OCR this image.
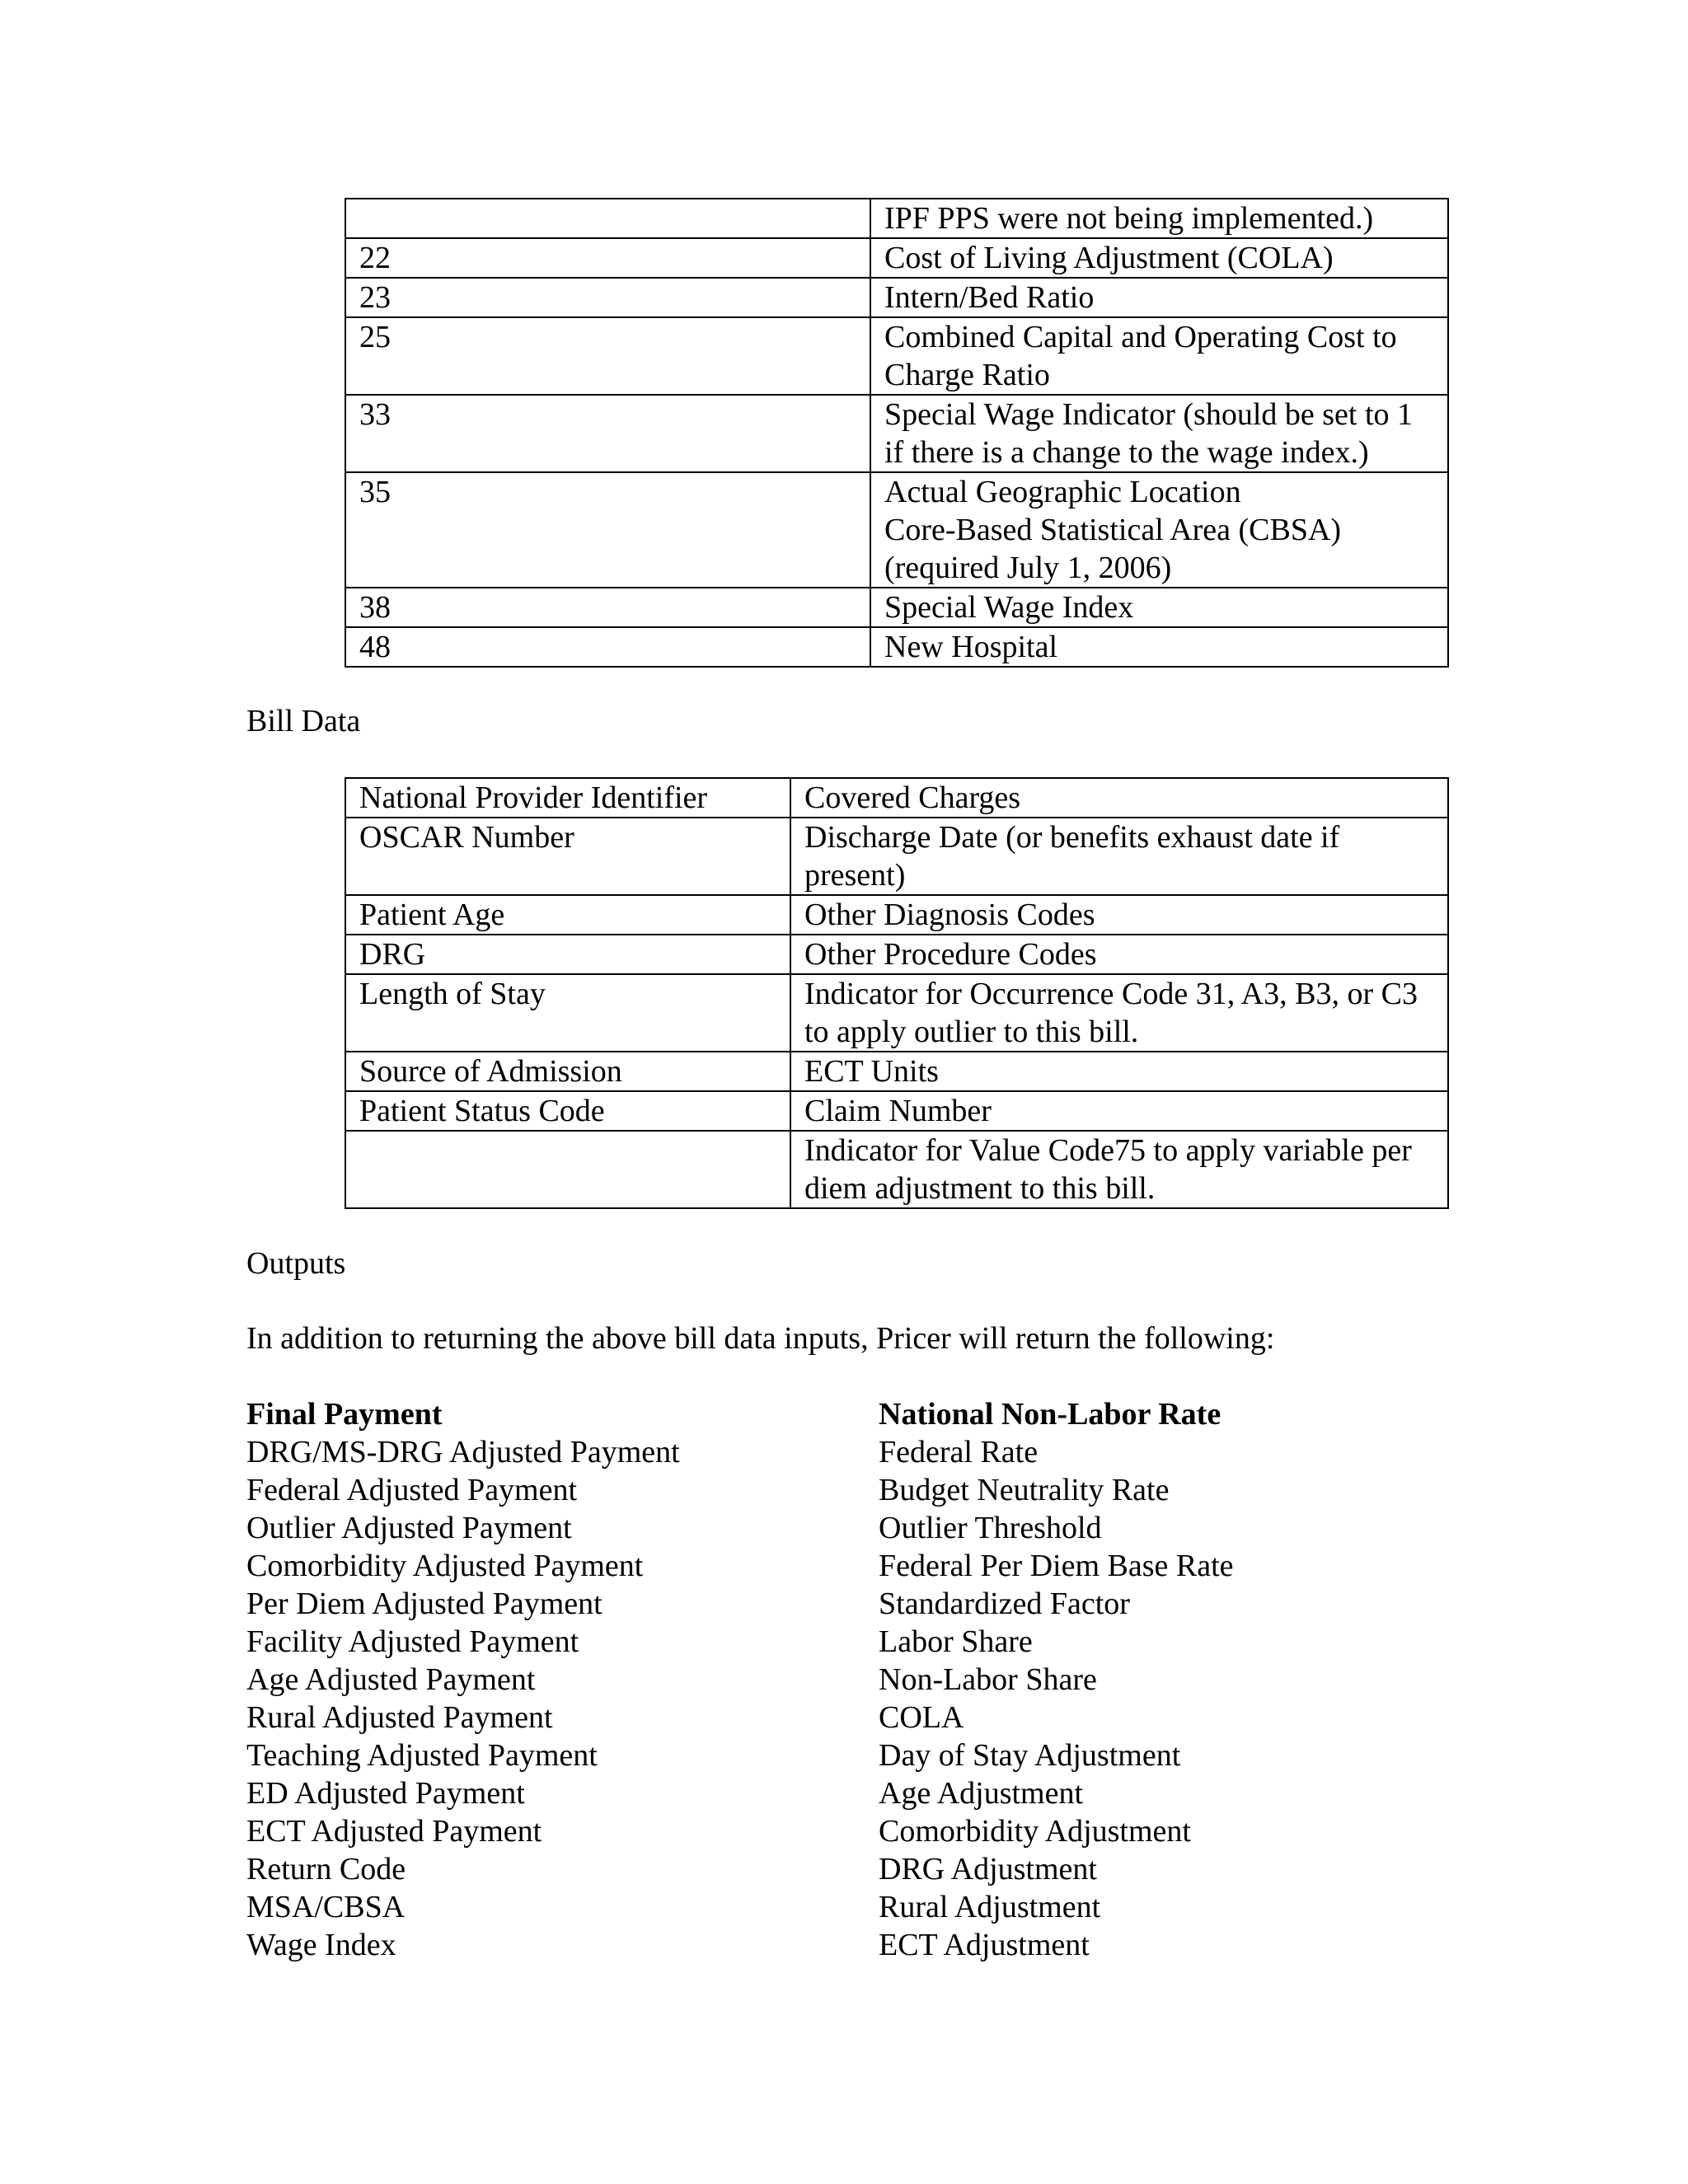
	IPF PPS were not being implemented.)
22	Cost of Living Adjustment (COLA)
23	Intern/Bed Ratio
25	Combined Capital and Operating Cost to Charge Ratio
33	Special Wage Indicator (should be set to 1 if there is a change to the wage index.)
35	Actual Geographic Location
Core-Based Statistical Area (CBSA) (required July 1, 2006)
38	Special Wage Index
48	New Hospital
Bill Data
National Provider Identifier	Covered Charges
OSCAR Number	Discharge Date (or benefits exhaust date if present)
Patient Age	Other Diagnosis Codes
DRG	Other Procedure Codes
Length of Stay	Indicator for Occurrence Code 31, A3, B3, or C3 to apply outlier to this bill.
Source of Admission	ECT Units
Patient Status Code	Claim Number
	Indicator for Value Code75 to apply variable per diem adjustment to this bill.
Outputs

In addition to returning the above bill data inputs, Pricer will return the following:

Final Payment
DRG/MS-DRG Adjusted Payment
Federal Adjusted Payment
Outlier Adjusted Payment
Comorbidity Adjusted Payment
Per Diem Adjusted Payment
Facility Adjusted Payment
Age Adjusted Payment
Rural Adjusted Payment
Teaching Adjusted Payment
ED Adjusted Payment
ECT Adjusted Payment
Return Code
MSA/CBSA
Wage Index
National Non-Labor Rate
Federal Rate
Budget Neutrality Rate
Outlier Threshold
Federal Per Diem Base Rate
Standardized Factor
Labor Share
Non-Labor Share
COLA
Day of Stay Adjustment
Age Adjustment
Comorbidity Adjustment
DRG Adjustment
Rural Adjustment
ECT Adjustment
